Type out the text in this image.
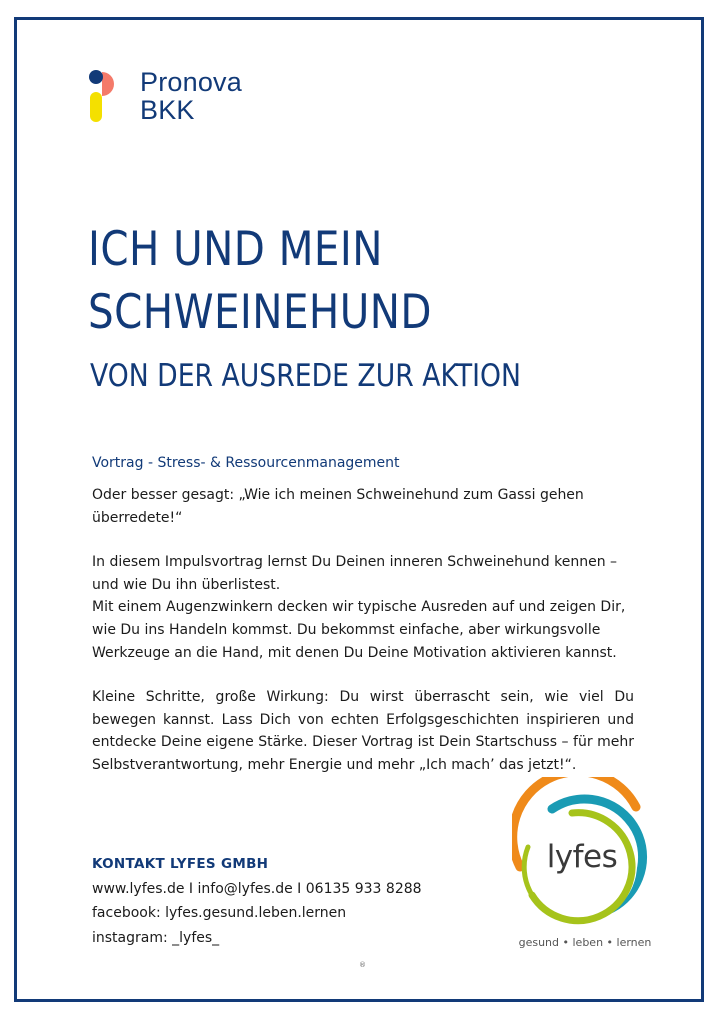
Pronova
BKK
ICH UND MEIN
SCHWEINEHUND
VON DER AUSREDE ZUR AKTION
Vortrag - Stress- & Ressourcenmanagement

Oder besser gesagt: „Wie ich meinen Schweinehund zum Gassi gehen überredete!“

In diesem Impulsvortrag lernst Du Deinen inneren Schweinehund kennen – und wie Du ihn überlistest.

Mit einem Augenzwinkern decken wir typische Ausreden auf und zeigen Dir, wie Du ins Handeln kommst. Du bekommst einfache, aber wirkungsvolle Werkzeuge an die Hand, mit denen Du Deine Motivation aktivieren kannst.

Kleine Schritte, große Wirkung: Du wirst überrascht sein, wie viel Du bewegen kannst. Lass Dich von echten Erfolgsgeschichten inspirieren und entdecke Deine eigene Stärke. Dieser Vortrag ist Dein Startschuss – für mehr Selbstverantwortung, mehr Energie und mehr „Ich mach’ das jetzt!“.

KONTAKT LYFES GMBH
www.lyfes.de I info@lyfes.de I 06135 933 8288
facebook: lyfes.gesund.leben.lernen
instagram: _lyfes_
lyfes
gesund • leben • lernen
®
